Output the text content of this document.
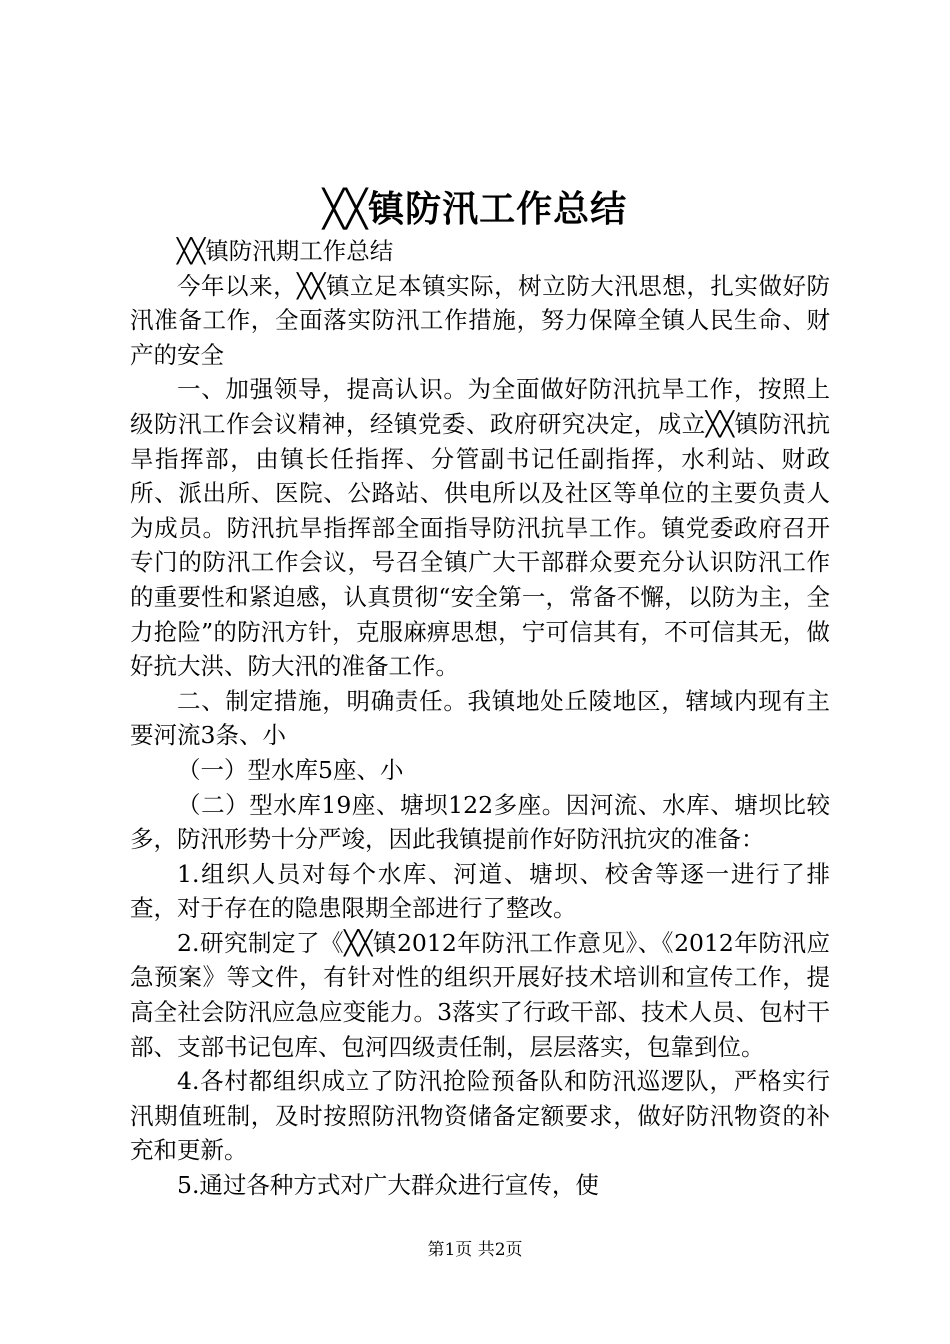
╳╳镇防汛工作总结

╳╳镇防汛期工作总结

今年以来，╳╳镇立足本镇实际，树立防大汛思想，扎实做好防汛准备工作，全面落实防汛工作措施，努力保障全镇人民生命、财产的安全

一、加强领导，提高认识。为全面做好防汛抗旱工作，按照上级防汛工作会议精神，经镇党委、政府研究决定，成立╳╳镇防汛抗旱指挥部，由镇长任指挥、分管副书记任副指挥，水利站、财政所、派出所、医院、公路站、供电所以及社区等单位的主要负责人为成员。防汛抗旱指挥部全面指导防汛抗旱工作。镇党委政府召开专门的防汛工作会议，号召全镇广大干部群众要充分认识防汛工作的重要性和紧迫感，认真贯彻“安全第一，常备不懈，以防为主，全力抢险”的防汛方针，克服麻痹思想，宁可信其有，不可信其无，做好抗大洪、防大汛的准备工作。

二、制定措施，明确责任。我镇地处丘陵地区，辖域内现有主要河流3条、小

（一）型水库5座、小

（二）型水库19座、塘坝122多座。因河流、水库、塘坝比较多，防汛形势十分严竣，因此我镇提前作好防汛抗灾的准备：

1.组织人员对每个水库、河道、塘坝、校舍等逐一进行了排查，对于存在的隐患限期全部进行了整改。

2.研究制定了《╳╳镇2012年防汛工作意见》、《2012年防汛应急预案》等文件，有针对性的组织开展好技术培训和宣传工作，提高全社会防汛应急应变能力。3落实了行政干部、技术人员、包村干部、支部书记包库、包河四级责任制，层层落实，包靠到位。

4.各村都组织成立了防汛抢险预备队和防汛巡逻队，严格实行汛期值班制，及时按照防汛物资储备定额要求，做好防汛物资的补充和更新。

5.通过各种方式对广大群众进行宣传，使

第1页 共2页
